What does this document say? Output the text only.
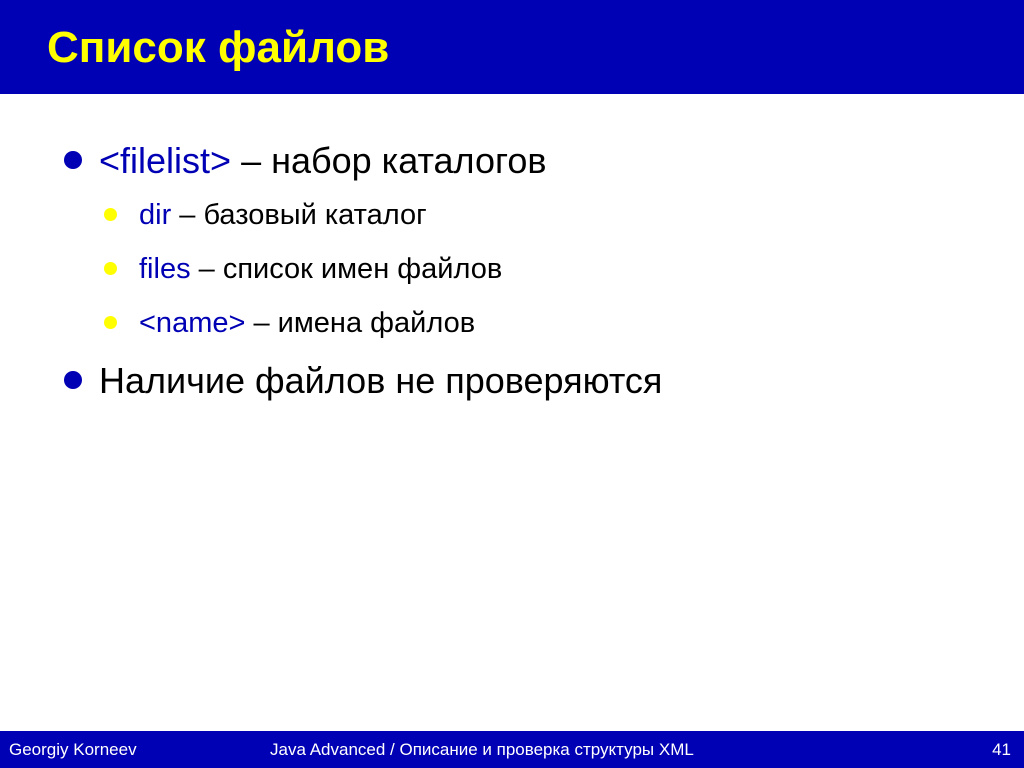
Список файлов
<filelist> – набор каталогов
dir – базовый каталог
files – список имен файлов
<name> – имена файлов
Наличие файлов не проверяются
Georgiy Korneev	Java Advanced / Описание и проверка структуры XML	41
